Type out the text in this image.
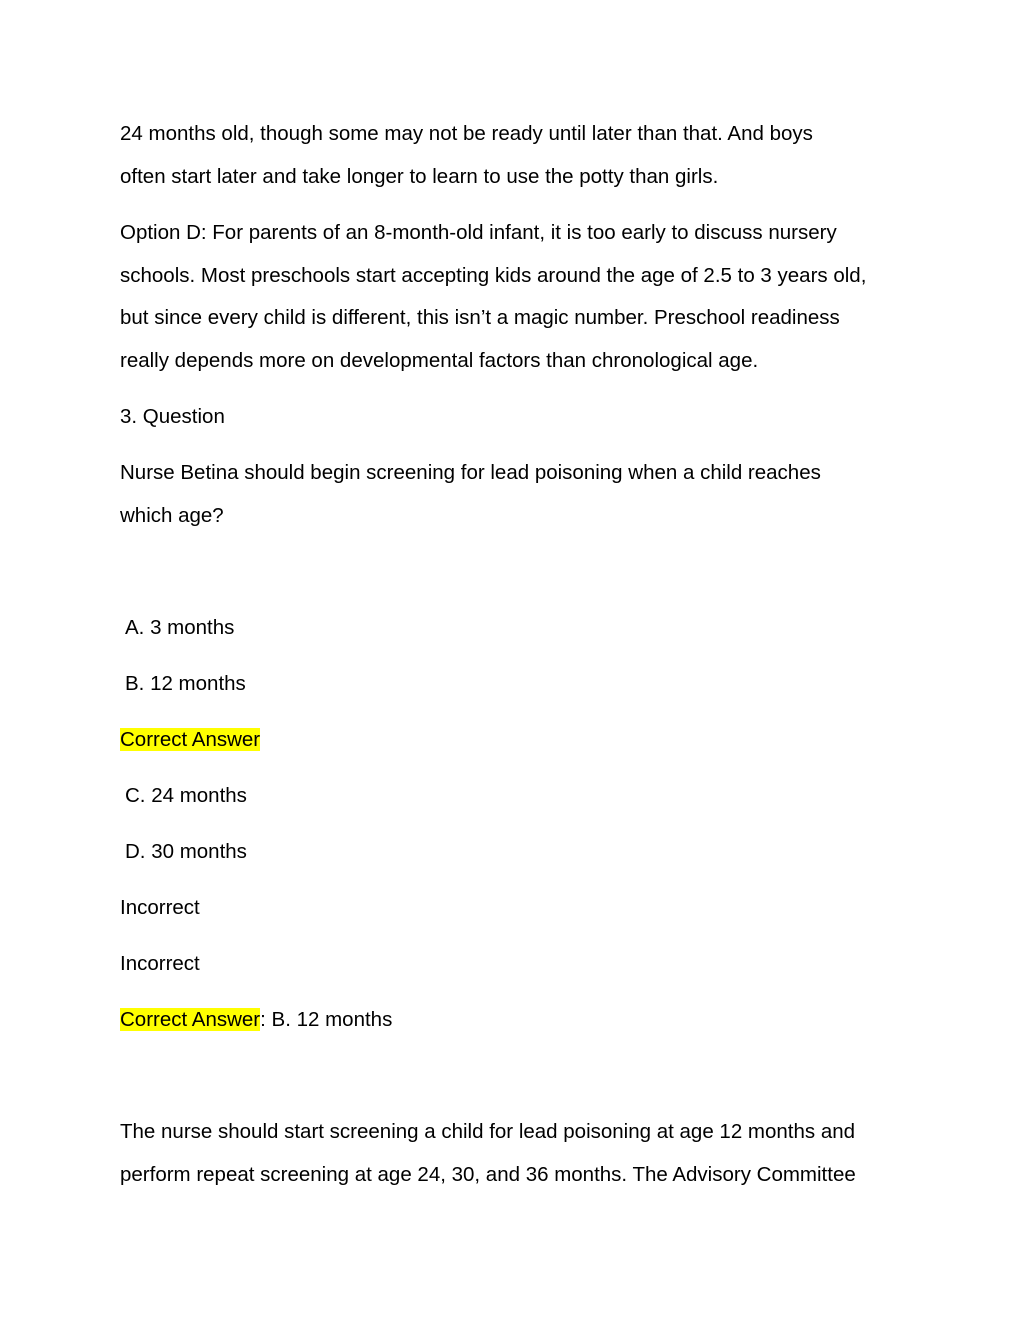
24 months old, though some may not be ready until later than that. And boys
often start later and take longer to learn to use the potty than girls.
Option D: For parents of an 8-month-old infant, it is too early to discuss nursery
schools. Most preschools start accepting kids around the age of 2.5 to 3 years old,
but since every child is different, this isn’t a magic number. Preschool readiness
really depends more on developmental factors than chronological age.
3. Question
Nurse Betina should begin screening for lead poisoning when a child reaches
which age?
A. 3 months
B. 12 months
Correct Answer
C. 24 months
D. 30 months
Incorrect
Incorrect
Correct Answer: B. 12 months
The nurse should start screening a child for lead poisoning at age 12 months and
perform repeat screening at age 24, 30, and 36 months. The Advisory Committee
